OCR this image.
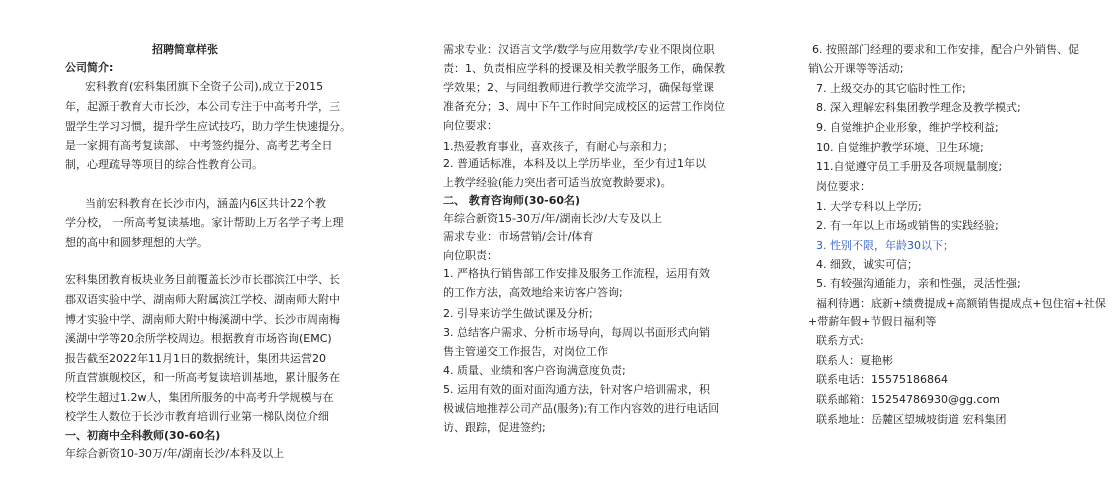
招聘简章样张
公司简介:
宏科教育(宏科集团旗下全资子公司),成立于2015
年，起源于教育大市长沙，本公司专注于中高考升学，三
盟学生学习习惯，提升学生应试技巧，助力学生快速提分。
是一家拥有高考复读部、 中考签约提分、高考艺考全日
制，心理疏导等项目的综合性教育公司。
当前宏科教育在长沙市内，涵盖内6区共计22个教
学分校， 一所高考复读基地。家计帮助上万名学子考上理
想的高中和圆梦理想的大学。
宏科集团教育板块业务目前覆盖长沙市长郡滨江中学、长
郡双语实验中学、湖南师大附属滨江学校、湖南师大附中
博才实验中学、湖南师大附中梅溪湖中学、长沙市周南梅
溪湖中学等20余所学校周边。根据教育市场咨询(EMC)
报告截至2022年11月1日的数据统计，集团共运营20
所直营旗舰校区，和一所高考复读培训基地，累计服务在
校学生超过1.2w人，集团所服务的中高考升学规模与在
校学生人数位于长沙市教育培训行业第一梯队岗位介细
一、初商中全科教师(30-60名)
年综合新资10-30万/年/湖南长沙/本科及以上
需求专业：汉语言文学/数学与应用数学/专业不限岗位职
责：1、负责相应学科的授课及相关教学服务工作，确保教
学效果；2、与同组教师进行教学交流学习，确保每堂课
准备充分；3、周中下午工作时间完成校区的运营工作岗位
向位要求：
1.热爱教育事业，喜欢孩子，有耐心与亲和力；
2. 普通话标准，本科及以上学历毕业，至少有过1年以
上教学经验(能力突出者可适当放宽教龄要求)。
二、 教育咨询师(30-60名)
年综合新资15-30万/年/湖南长沙/大专及以上
需求专业：市场营销/会计/体育
向位职责：
1. 严格执行销售部工作安排及服务工作流程，运用有效
的工作方法，高效地给来访客户答询;
2. 引导来访学生做试课及分析;
3. 总结客户需求、分析市场导向，每周以书面形式向销
售主管递交工作报告，对岗位工作
4. 质量、业绩和客户咨询满意度负责;
5. 运用有效的面对面沟通方法，针对客户培训需求，积
极诚信地推荐公司产品(服务);有工作内容效的进行电话回
访、跟踪，促进签约;
6. 按照部门经理的要求和工作安排，配合户外销售、促
销\公开课等等活动;
7. 上级交办的其它临时性工作;
8. 深入理解宏科集团教学理念及教学模式;
9. 自觉维护企业形象，维护学校利益;
10. 自觉维护教学环境、卫生环境;
11.自觉遵守员工手册及各项规量制度;
岗位要求：
1. 大学专科以上学历;
2. 有一年以上市场或销售的实践经验;
3. 性别不限，年龄30以下；
4. 细致，诚实可信；
5. 有较强沟通能力，亲和性强，灵活性强;
福利待遇：底新+绩费提成+高额销售提成点+包住宿+社保
+带薪年假+节假日福利等
联系方式:
联系人：夏艳彬
联系电话：15575186864
联系邮箱：15254786930@gg.com
联系地址：岳麓区望城坡街道 宏科集团
